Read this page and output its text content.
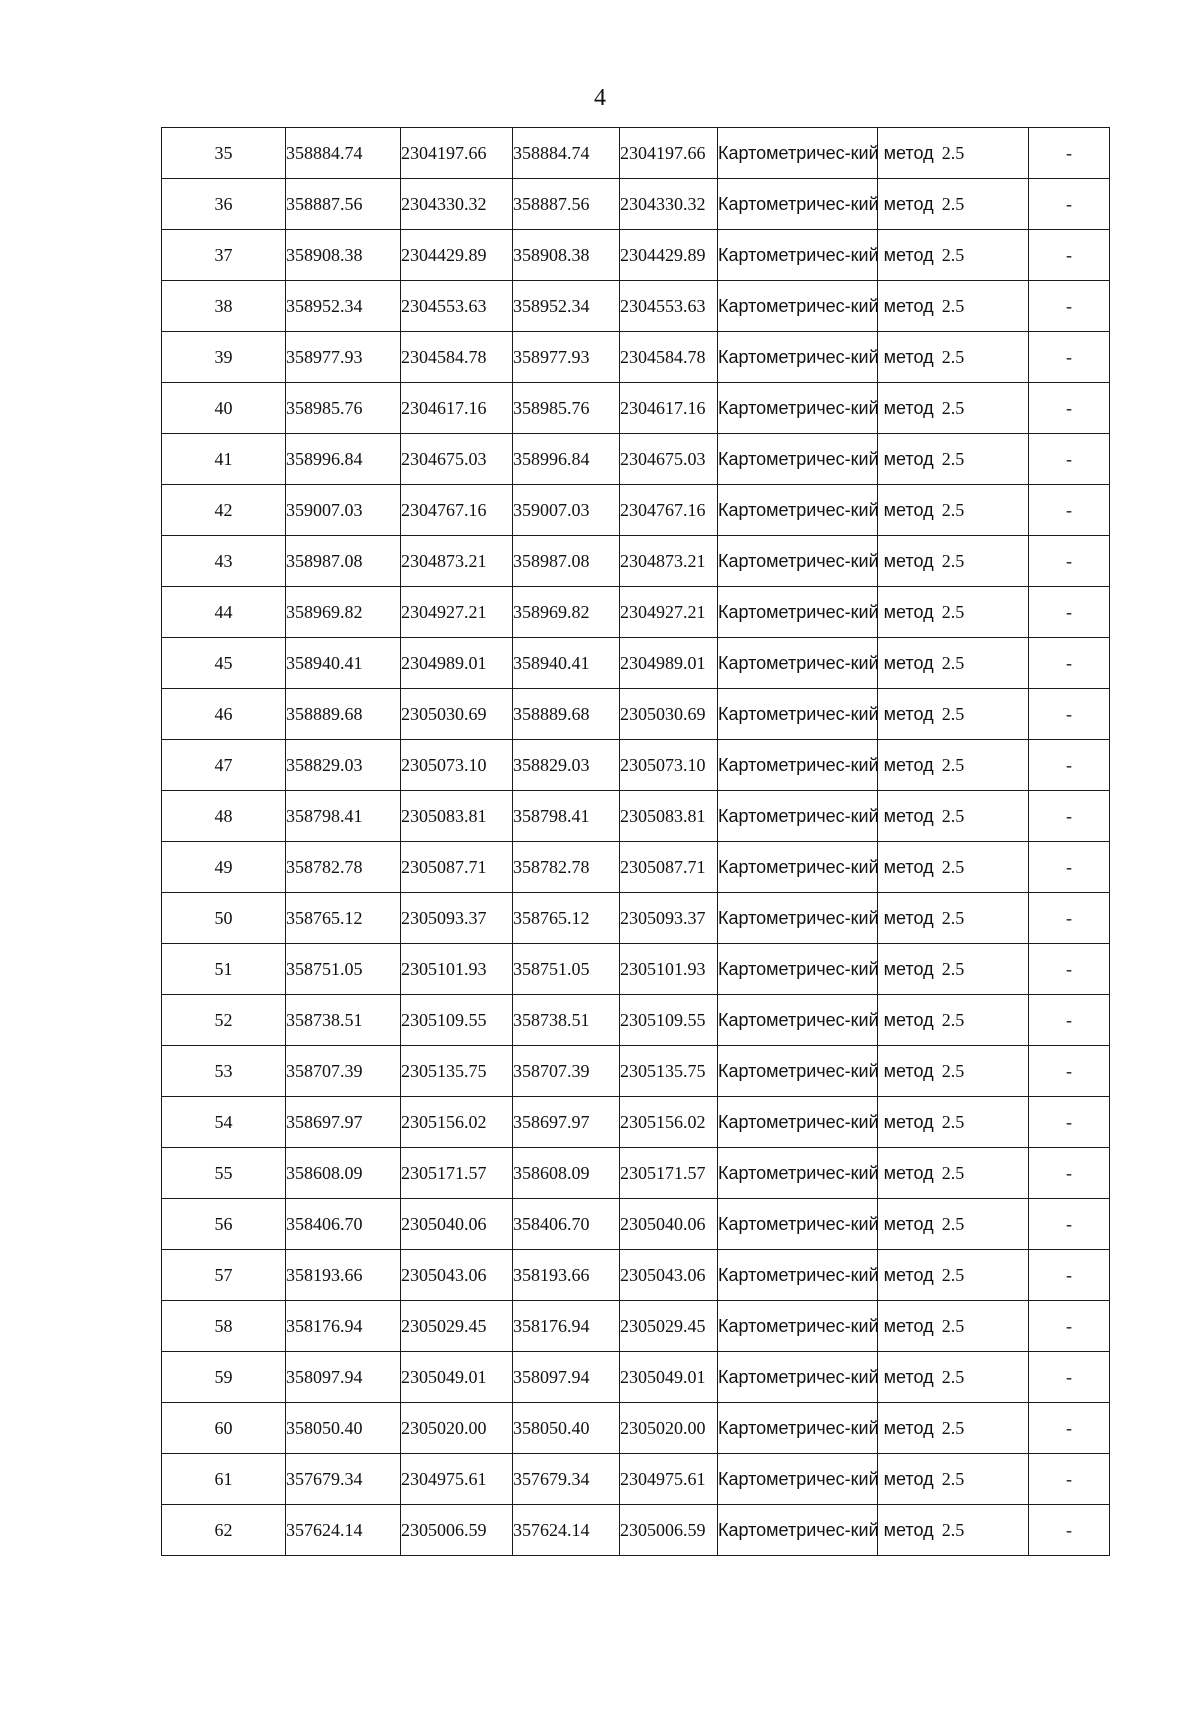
4
35	358884.74	2304197.66	358884.74	2304197.66	Картометричес-кий метод	2.5	-
36	358887.56	2304330.32	358887.56	2304330.32	Картометричес-кий метод	2.5	-
37	358908.38	2304429.89	358908.38	2304429.89	Картометричес-кий метод	2.5	-
38	358952.34	2304553.63	358952.34	2304553.63	Картометричес-кий метод	2.5	-
39	358977.93	2304584.78	358977.93	2304584.78	Картометричес-кий метод	2.5	-
40	358985.76	2304617.16	358985.76	2304617.16	Картометричес-кий метод	2.5	-
41	358996.84	2304675.03	358996.84	2304675.03	Картометричес-кий метод	2.5	-
42	359007.03	2304767.16	359007.03	2304767.16	Картометричес-кий метод	2.5	-
43	358987.08	2304873.21	358987.08	2304873.21	Картометричес-кий метод	2.5	-
44	358969.82	2304927.21	358969.82	2304927.21	Картометричес-кий метод	2.5	-
45	358940.41	2304989.01	358940.41	2304989.01	Картометричес-кий метод	2.5	-
46	358889.68	2305030.69	358889.68	2305030.69	Картометричес-кий метод	2.5	-
47	358829.03	2305073.10	358829.03	2305073.10	Картометричес-кий метод	2.5	-
48	358798.41	2305083.81	358798.41	2305083.81	Картометричес-кий метод	2.5	-
49	358782.78	2305087.71	358782.78	2305087.71	Картометричес-кий метод	2.5	-
50	358765.12	2305093.37	358765.12	2305093.37	Картометричес-кий метод	2.5	-
51	358751.05	2305101.93	358751.05	2305101.93	Картометричес-кий метод	2.5	-
52	358738.51	2305109.55	358738.51	2305109.55	Картометричес-кий метод	2.5	-
53	358707.39	2305135.75	358707.39	2305135.75	Картометричес-кий метод	2.5	-
54	358697.97	2305156.02	358697.97	2305156.02	Картометричес-кий метод	2.5	-
55	358608.09	2305171.57	358608.09	2305171.57	Картометричес-кий метод	2.5	-
56	358406.70	2305040.06	358406.70	2305040.06	Картометричес-кий метод	2.5	-
57	358193.66	2305043.06	358193.66	2305043.06	Картометричес-кий метод	2.5	-
58	358176.94	2305029.45	358176.94	2305029.45	Картометричес-кий метод	2.5	-
59	358097.94	2305049.01	358097.94	2305049.01	Картометричес-кий метод	2.5	-
60	358050.40	2305020.00	358050.40	2305020.00	Картометричес-кий метод	2.5	-
61	357679.34	2304975.61	357679.34	2304975.61	Картометричес-кий метод	2.5	-
62	357624.14	2305006.59	357624.14	2305006.59	Картометричес-кий метод	2.5	-
